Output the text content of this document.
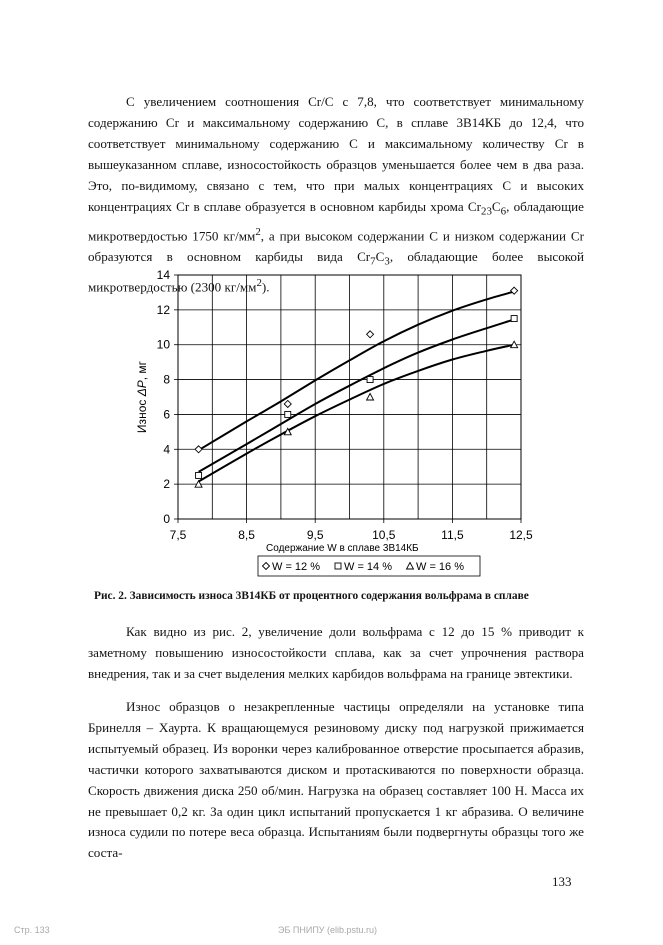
С увеличением соотношения Cr/C с 7,8, что соответствует минимальному содержанию Cr и максимальному содержанию С, в сплаве 3В14КБ до 12,4, что соответствует минимальному содержанию С и максимальному количеству Cr в вышеуказанном сплаве, износостойкость образцов уменьшается более чем в два раза. Это, по-видимому, связано с тем, что при малых концентрациях С и высоких концентрациях Cr в сплаве образуется в основном карбиды хрома $Cr_{23}C_6$, обладающие микротвердостью 1750 $кг/мм^2$, а при высоком содержании С и низком содержании Cr образуются в основном карбиды вида $Cr_7C_3$, обладающие более высокой микротвердостью (2300 $кг/мм^2$).

0
2
4
6
8
10
12
14
7,5	8,5	9,5	10,5	11,5	12,5
Износ ΔP, мг
Содержание W в сплаве 3В14КБ
W = 12 % W = 14 % W = 16 %
Рис. 2. Зависимость износа 3В14КБ от процентного содержания вольфрама в сплаве

Как видно из рис. 2, увеличение доли вольфрама с 12 до 15 % приводит к заметному повышению износостойкости сплава, как за счет упрочнения раствора внедрения, так и за счет выделения мелких карбидов вольфрама на границе эвтектики.

Износ образцов о незакрепленные частицы определяли на установке типа Бринелля – Хаурта. К вращающемуся резиновому диску под нагрузкой прижимается испытуемый образец. Из воронки через калиброванное отверстие просыпается абразив, частички которого захватываются диском и протаскиваются по поверхности образца. Скорость движения диска 250 об/мин. Нагрузка на образец составляет 100 Н. Масса их не превышает 0,2 кг. За один цикл испытаний пропускается 1 кг абразива. О величине износа судили по потере веса образца. Испытаниям были подвергнуты образцы того же соста-

133
Стр. 133	ЭБ ПНИПУ (elib.pstu.ru)
